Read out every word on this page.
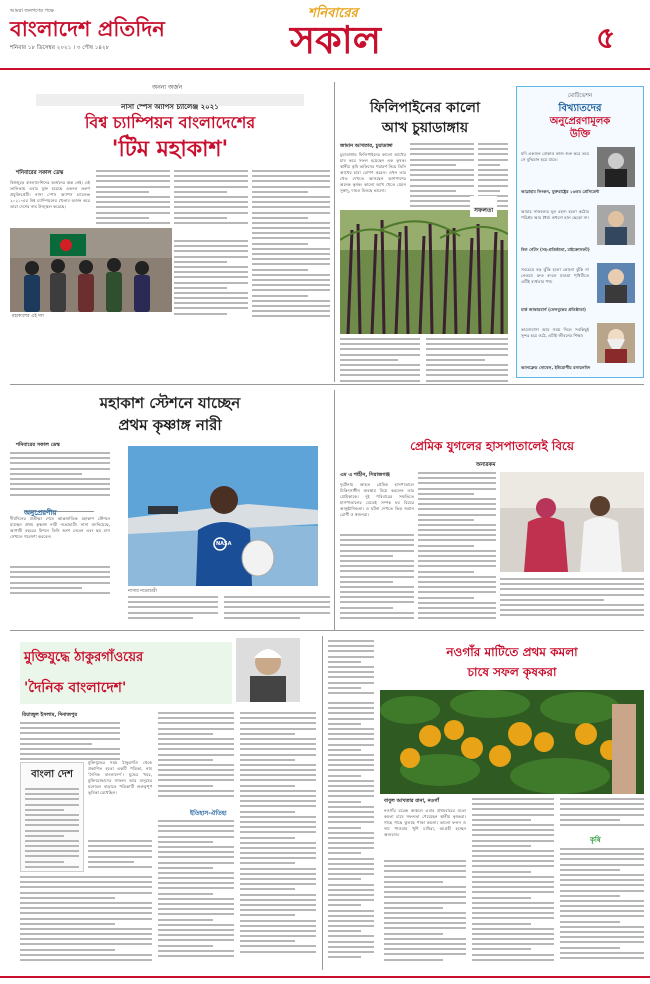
আমরা জনগণের পক্ষে
বাংলাদেশ প্রতিদিন
শনিবার ১৮ ডিসেম্বর ২০২১ । ৩ পৌষ ১৪২৮
শনিবারের
সকাল	৫
অনন্য অর্জন
নাসা স্পেস অ্যাপস চ্যালেঞ্জ ২০২১
বিশ্ব চ্যাম্পিয়ন বাংলাদেশের
'টিম মহাকাশ'
শনিবারের সকাল ডেস্ক
বিশ্বজুড়ে বাংলাদেশিদের অর্জনের অন্ত নেই। এই তালিকায় এবার যুক্ত হয়েছে একদল তরুণ প্রযুক্তিপ্রেমী। নাসা স্পেস অ্যাপস চ্যালেঞ্জ ২০২১-এর বিশ্ব চ্যাম্পিয়নের খেতাব অর্জন করে তারা দেশের নাম উজ্জ্বল করেছে।
মহাকাশের এই দল
ফিলিপাইনের কালো
আখ চুয়াডাঙ্গায়
জামান আখতার, চুয়াডাঙ্গা
চুয়াডাঙ্গায় ফিলিপাইনের কালো আখের চাষ করে সফল হয়েছেন এক কৃষক। স্থানীয় কৃষি অফিসের পরামর্শ নিয়ে তিনি আখের চারা রোপণ করেন। এখন তার খেত দেখতে আসছেন আশপাশের অনেক কৃষক। কালো আখ খেতে যেমন সুস্বাদু, দামও মিলছে ভালো।
সফলতা
মোটিভেশন
বিখ্যাতদের
অনুপ্রেরণামূলক
উক্তি
যদি একজন বোকাও কাজ শুরু করে তবে সে বুদ্ধিমান হয়ে যাবে।
আব্রাহাম লিংকন, যুক্তরাষ্ট্রের ১৬তম প্রেসিডেন্ট
আমার সাফল্যের মূল রহস্য হলো কঠোর পরিশ্রম আর ধৈর্য। কখনো হাল ছেড়ো না।
বিল গেটস (সহ-প্রতিষ্ঠাতা, মাইক্রোসফট)
সবচেয়ে বড় ঝুঁকি হলো কোনো ঝুঁকি না নেওয়া। দ্রুত বদলে যাওয়া পৃথিবীতে এটিই ব্যর্থতার পথ।
মার্ক জাকারবার্গ (ফেসবুকের প্রতিষ্ঠাতা)
ভালোবাসা আর সময় দিলে সবকিছুই সুন্দর হয়ে ওঠে, এটাই জীবনের শিক্ষা।
আলফ্রেড নোবেল, ইউরোপীয় রসায়নবিদ
মহাকাশ স্টেশনে যাচ্ছেন
প্রথম কৃষ্ণাঙ্গ নারী
শনিবারের সকাল ডেস্ক
অনুপ্রেরণীয়
দীর্ঘদিনের প্রতীক্ষা শেষে আন্তর্জাতিক মহাকাশ স্টেশনে যাচ্ছেন প্রথম কৃষ্ণাঙ্গ নারী নভোচারী। নাসা জানিয়েছে, আগামী বছরের মিশনে তিনি অংশ নেবেন এবং ছয় মাস সেখানে গবেষণা করবেন।
NASA
নাসার নভোচারী
প্রেমিক যুগলের হাসপাতালেই বিয়ে
অন্যরকম
এম এ শাহীন, সিরাজগঞ্জ
দুর্ঘটনায় আহত প্রেমিক হাসপাতালে চিকিৎসাধীন অবস্থায় বিয়ে করলেন তার প্রেমিকাকে। দুই পরিবারের সম্মতিতে হাসপাতালের বেডেই সম্পন্ন হয় বিয়ের আনুষ্ঠানিকতা। এ ঘটনা দেখতে ভিড় জমান রোগী ও স্বজনরা।
মুক্তিযুদ্ধে ঠাকুরগাঁওয়ের
'দৈনিক বাংলাদেশ'
রিয়াজুল ইসলাম, দিনাজপুর
বাংলা দেশ
মুক্তিযুদ্ধের সময় ঠাকুরগাঁও থেকে প্রকাশিত হতো একটি পত্রিকা, নাম ‘দৈনিক বাংলাদেশ’। যুদ্ধের খবর, মুক্তিযোদ্ধাদের সাফল্য আর মানুষের মনোবল বাড়াতে পত্রিকাটি গুরুত্বপূর্ণ ভূমিকা রেখেছিল।
ইতিহাস-ঐতিহ্য
নওগাঁর মাটিতে প্রথম কমলা
চাষে সফল কৃষকরা
বাবুল আখতার রানা, নওগাঁ
নওগাঁর বরেন্দ্র অঞ্চলে এবার প্রথমবারের মতো কমলা চাষে সফলতা পেয়েছেন স্থানীয় কৃষকরা। গাছে গাছে ঝুলছে পাকা কমলা। ভালো ফলন ও দাম পাওয়ায় খুশি চাষিরা, আগ্রহী হচ্ছেন অন্যরাও।
কৃষি
